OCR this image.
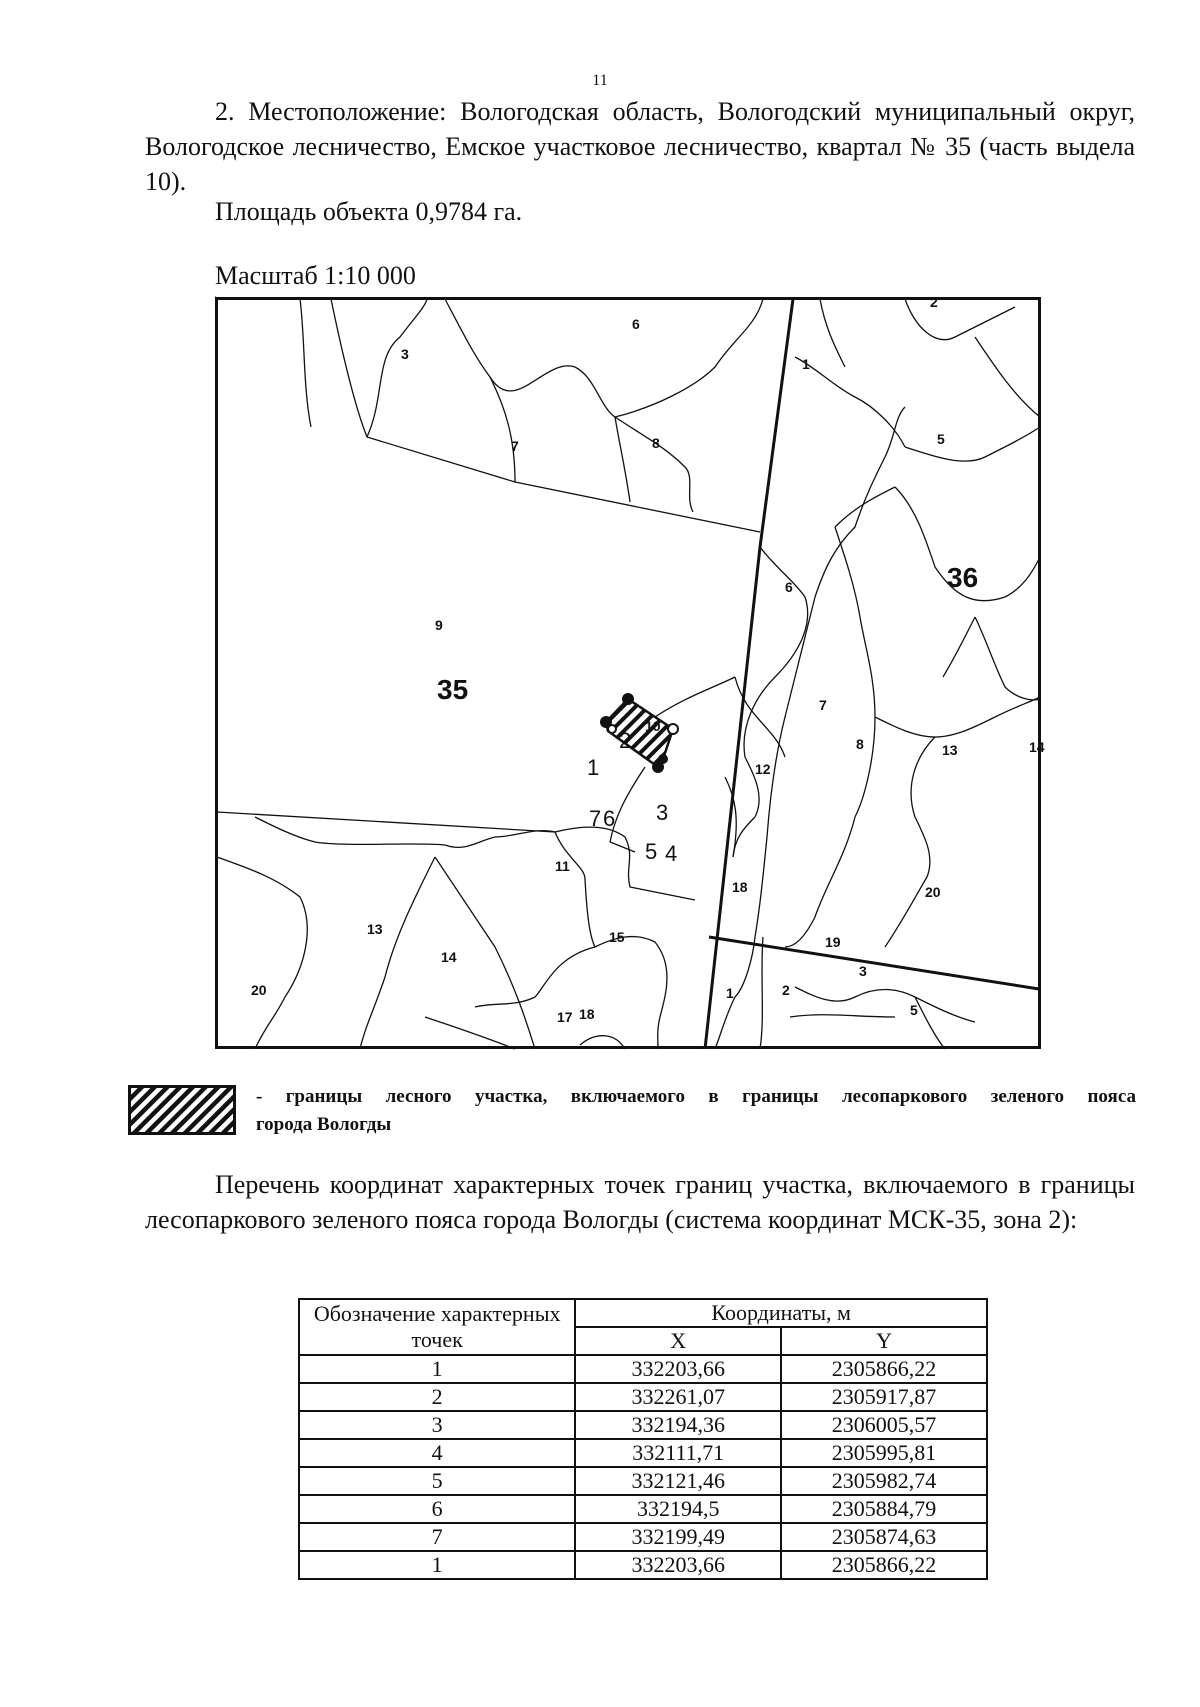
11
2. Местоположение: Вологодская область, Вологодский муниципальный округ, Вологодское лесничество, Емское участковое лесничество, квартал № 35 (часть выдела 10).
Площадь объекта 0,9784 га.
Масштаб 1:10 000
35
36
3
6
7	8
9
10
11
13
14
15
17 18
20
1
2
5
6
7
8
12
13	14
18
19
20
1	2
3
5
1
2
3
4
5
6
7
- границы лесного участка, включаемого в границы лесопаркового зеленого пояса
города Вологды
Перечень координат характерных точек границ участка, включаемого в границы лесопаркового зеленого пояса города Вологды (система координат МСК-35, зона 2):
Обозначение характерных точек	Координаты, м	
	X	Y
1	332203,66	2305866,22
2	332261,07	2305917,87
3	332194,36	2306005,57
4	332111,71	2305995,81
5	332121,46	2305982,74
6	332194,5	2305884,79
7	332199,49	2305874,63
1	332203,66	2305866,22
